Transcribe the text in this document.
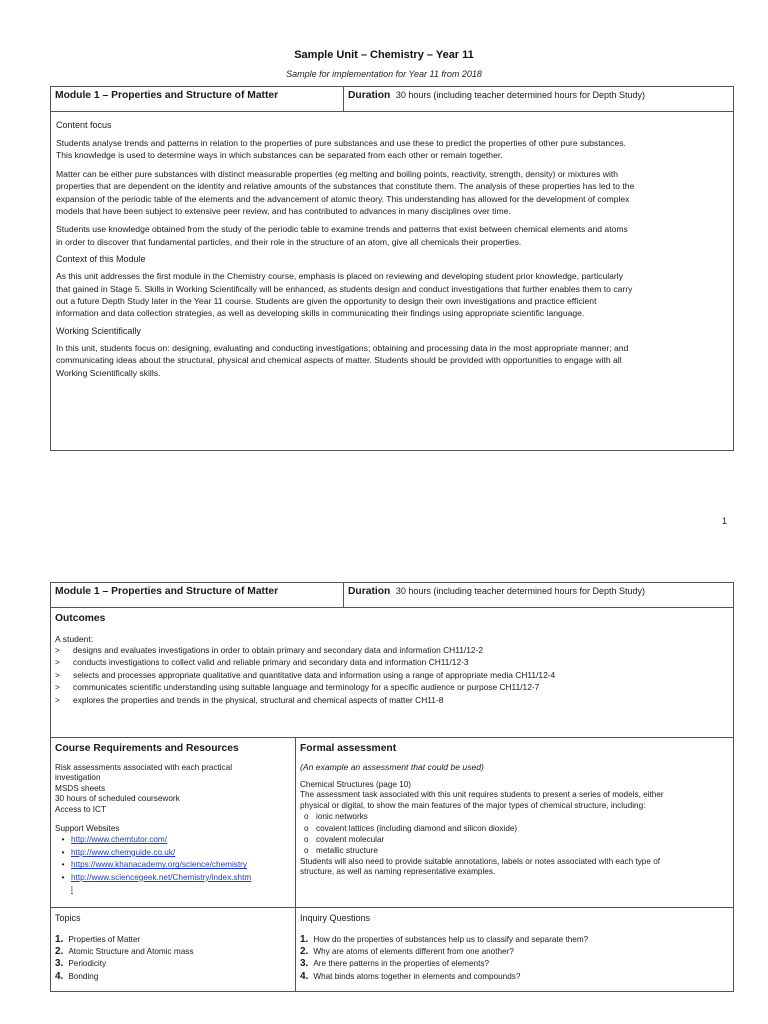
Sample Unit – Chemistry – Year 11
Sample for implementation for Year 11 from 2018
Module 1 – Properties and Structure of Matter	Duration 30 hours (including teacher determined hours for Depth Study)
Content focus
Students analyse trends and patterns in relation to the properties of pure substances and use these to predict the properties of other pure substances.
This knowledge is used to determine ways in which substances can be separated from each other or remain together.
Matter can be either pure substances with distinct measurable properties (eg melting and boiling points, reactivity, strength, density) or mixtures with
properties that are dependent on the identity and relative amounts of the substances that constitute them. The analysis of these properties has led to the
expansion of the periodic table of the elements and the advancement of atomic theory. This understanding has allowed for the development of complex
models that have been subject to extensive peer review, and has contributed to advances in many disciplines over time.
Students use knowledge obtained from the study of the periodic table to examine trends and patterns that exist between chemical elements and atoms
in order to discover that fundamental particles, and their role in the structure of an atom, give all chemicals their properties.
Context of this Module
As this unit addresses the first module in the Chemistry course, emphasis is placed on reviewing and developing student prior knowledge, particularly
that gained in Stage 5. Skills in Working Scientifically will be enhanced, as students design and conduct investigations that further enables them to carry
out a future Depth Study later in the Year 11 course. Students are given the opportunity to design their own investigations and practice efficient
information and data collection strategies, as well as developing skills in communicating their findings using appropriate scientific language.
Working Scientifically
In this unit, students focus on: designing, evaluating and conducting investigations; obtaining and processing data in the most appropriate manner; and
communicating ideas about the structural, physical and chemical aspects of matter. Students should be provided with opportunities to engage with all
Working Scientifically skills.
1
Module 1 – Properties and Structure of Matter	Duration 30 hours (including teacher determined hours for Depth Study)
Outcomes
A student:
> designs and evaluates investigations in order to obtain primary and secondary data and information CH11/12-2
> conducts investigations to collect valid and reliable primary and secondary data and information CH11/12-3
> selects and processes appropriate qualitative and quantitative data and information using a range of appropriate media CH11/12-4
> communicates scientific understanding using suitable language and terminology for a specific audience or purpose CH11/12-7
> explores the properties and trends in the physical, structural and chemical aspects of matter CH11-8
Course Requirements and Resources
Risk assessments associated with each practical
investigation
MSDS sheets
30 hours of scheduled coursework
Access to ICT
Support Websites
• http://www.chemtutor.com/
• http://www.chemguide.co.uk/
• https://www.khanacademy.org/science/chemistry
• http://www.sciencegeek.net/Chemistry/index.shtm
l
Formal assessment
(An example an assessment that could be used)
Chemical Structures (page 10)
The assessment task associated with this unit requires students to present a series of models, either
physical or digital, to show the main features of the major types of chemical structure, including:
o ionic networks
o covalent lattices (including diamond and silicon dioxide)
o covalent molecular
o metallic structure
Students will also need to provide suitable annotations, labels or notes associated with each type of
structure, as well as naming representative examples.
Topics
1. Properties of Matter
2. Atomic Structure and Atomic mass
3. Periodicity
4. Bonding
Inquiry Questions
1. How do the properties of substances help us to classify and separate them?
2. Why are atoms of elements different from one another?
3. Are there patterns in the properties of elements?
4. What binds atoms together in elements and compounds?
